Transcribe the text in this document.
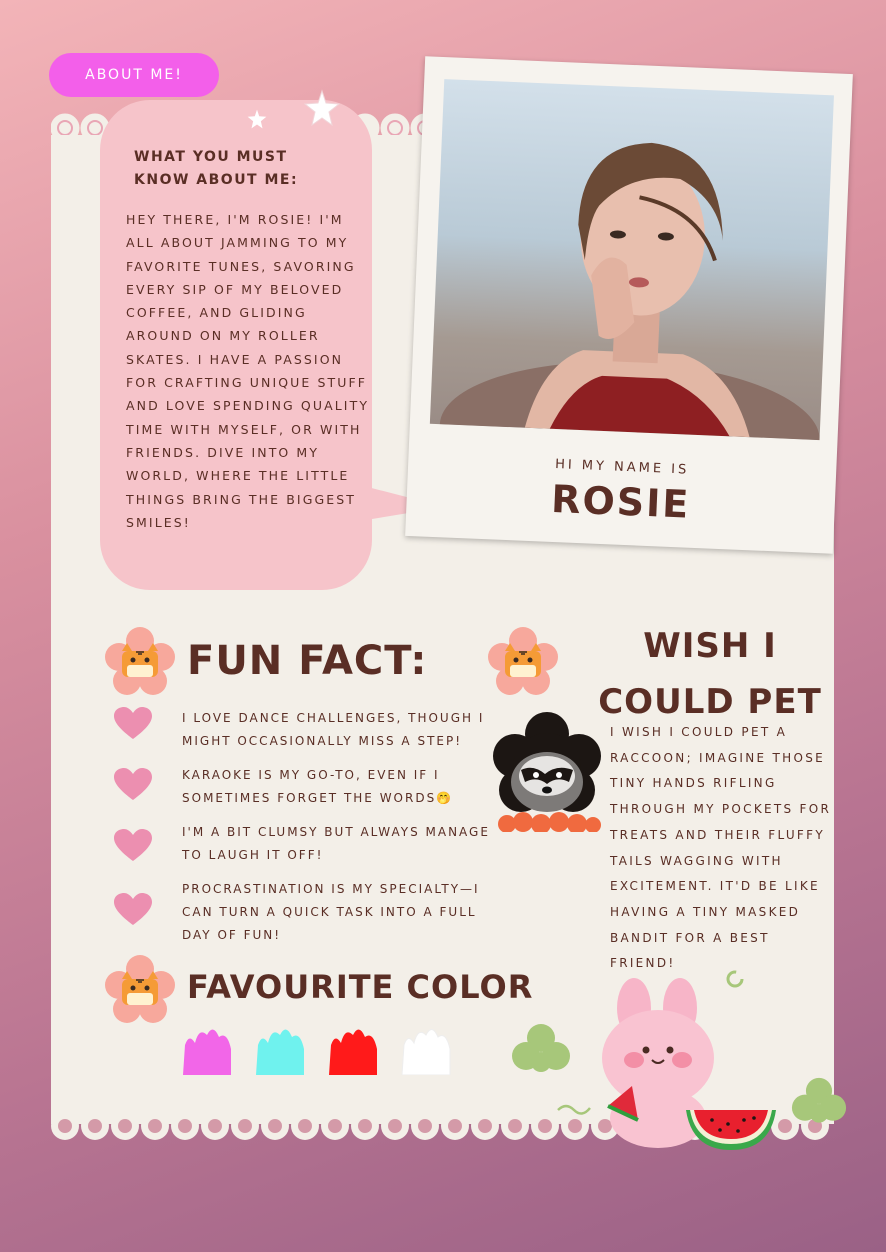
ABOUT ME!
WHAT YOU MUST KNOW ABOUT ME:
HEY THERE, I'M ROSIE! I'M ALL ABOUT JAMMING TO MY FAVORITE TUNES, SAVORING EVERY SIP OF MY BELOVED COFFEE, AND GLIDING AROUND ON MY ROLLER SKATES. I HAVE A PASSION FOR CRAFTING UNIQUE STUFF AND LOVE SPENDING QUALITY TIME WITH MYSELF, OR WITH FRIENDS. DIVE INTO MY WORLD, WHERE THE LITTLE THINGS BRING THE BIGGEST SMILES!
HI MY NAME IS
ROSIE
FUN FACT:
I LOVE DANCE CHALLENGES, THOUGH I MIGHT OCCASIONALLY MISS A STEP!
KARAOKE IS MY GO-TO, EVEN IF I SOMETIMES FORGET THE WORDS🤭
I'M A BIT CLUMSY BUT ALWAYS MANAGE TO LAUGH IT OFF!
PROCRASTINATION IS MY SPECIALTY—I CAN TURN A QUICK TASK INTO A FULL DAY OF FUN!
FAVOURITE COLOR
WISH I COULD PET
I WISH I COULD PET A RACCOON; IMAGINE THOSE TINY HANDS RIFLING THROUGH MY POCKETS FOR TREATS AND THEIR FLUFFY TAILS WAGGING WITH EXCITEMENT. IT'D BE LIKE HAVING A TINY MASKED BANDIT FOR A BEST FRIEND!
